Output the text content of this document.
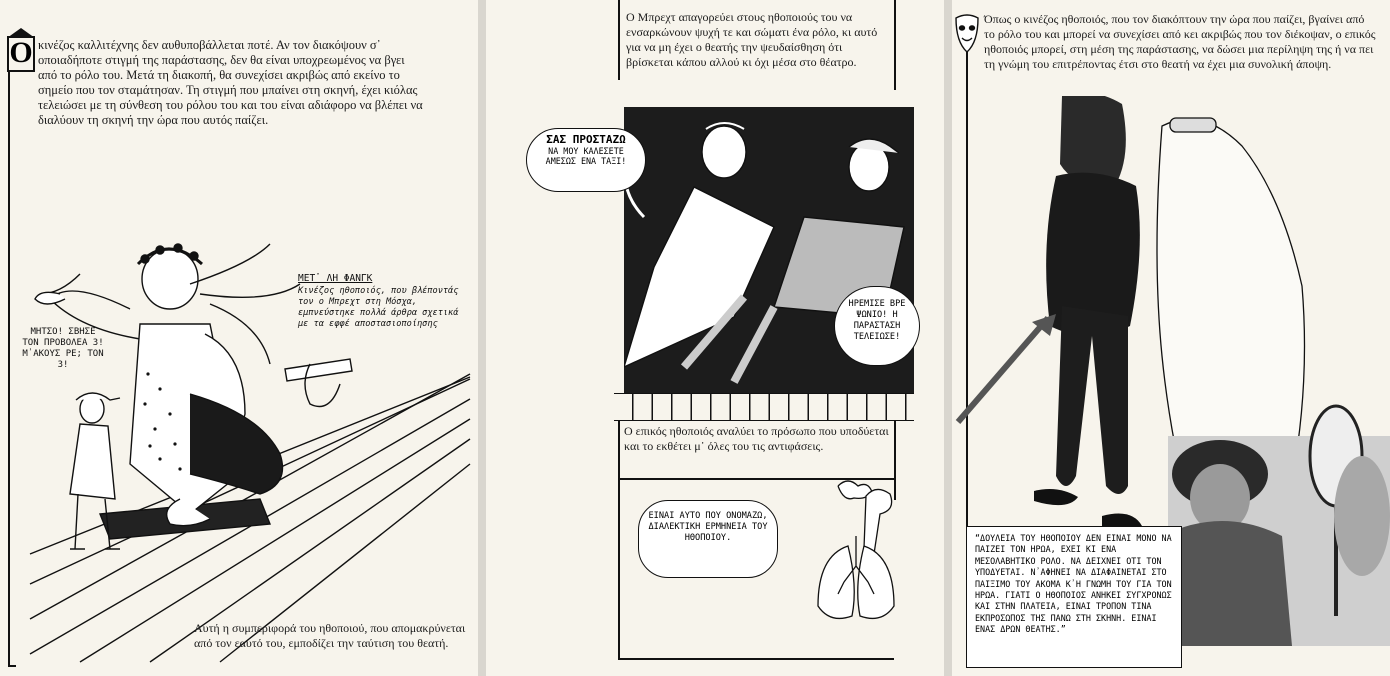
O κινέζος καλλιτέχνης δεν αυθυποβάλλεται ποτέ. Αν τον διακόψουν σ᾽ οποιαδήποτε στιγμή της παράστασης, δεν θα είναι υποχρεωμένος να βγει από το ρόλο του. Μετά τη διακοπή, θα συνεχίσει ακριβώς από εκείνο το σημείο που τον σταμάτησαν. Τη στιγμή που μπαίνει στη σκηνή, έχει κιόλας τελειώσει με τη σύνθεση του ρόλου του και του είναι αδιάφορο να βλέπει να διαλύουν τη σκηνή την ώρα που αυτός παίζει.
ΜΕΤ᾽ ΛΗ ΦΑΝΓΚ
Κινέζος ηθοποιός, που βλέποντάς τον ο Μπρεχτ στη Μόσχα, εμπνεύστηκε πολλά άρθρα σχετικά με τα εφφέ αποστασιοποίησης
ΜΗΤΣΟ! ΣΒΗΣΕ ΤΟΝ ΠΡΟΒΟΛΕΑ 3! Μ᾽ΑΚΟΥΣ ΡΕ; ΤΟΝ 3!
Αυτή η συμπεριφορά του ηθοποιού, που απομακρύνεται από τον εαυτό του, εμποδίζει την ταύτιση του θεατή.
Ο Μπρεχτ απαγορεύει στους ηθοποιούς του να ενσαρκώνουν ψυχή τε και σώματι ένα ρόλο, κι αυτό για να μη έχει ο θεατής την ψευδαίσθηση ότι βρίσκεται κάπου αλλού κι όχι μέσα στο θέατρο.
ΣΑΣ ΠΡΟΣΤΑΖΩ
ΝΑ ΜΟΥ ΚΑΛΕΣΕΤΕ ΑΜΕΣΩΣ ΕΝΑ ΤΑΞΙ!
ΗΡΕΜΙΣΕ ΒΡΕ ΨΩΝΙΟ! Η ΠΑΡΑΣΤΑΣΗ ΤΕΛΕΙΩΣΕ!
Ο επικός ηθοποιός αναλύει το πρόσωπο που υποδύεται και το εκθέτει μ᾽ όλες του τις αντιφάσεις.
ΕΙΝΑΙ ΑΥΤΟ ΠΟΥ ΟΝΟΜΑΖΩ, ΔΙΑΛΕΚΤΙΚΗ ΕΡΜΗΝΕΙΑ ΤΟΥ ΗΘΟΠΟΙΟΥ.
Όπως ο κινέζος ηθοποιός, που τον διακόπτουν την ώρα που παίζει, βγαίνει από το ρόλο του και μπορεί να συνεχίσει από κει ακριβώς που τον διέκοψαν, ο επικός ηθοποιός μπορεί, στη μέση της παράστασης, να δώσει μια περίληψη της ή να πει τη γνώμη του επιτρέποντας έτσι στο θεατή να έχει μια συνολική άποψη.
“ΔΟΥΛΕΙΑ ΤΟΥ ΗΘΟΠΟΙΟΥ ΔΕΝ ΕΙΝΑΙ ΜΟΝΟ ΝΑ ΠΑΙΖΕΙ ΤΟΝ ΗΡΩΑ, ΕΧΕΙ ΚΙ ΕΝΑ ΜΕΣΟΛΑΒΗΤΙΚΟ ΡΟΛΟ. ΝΑ ΔΕΙΧΝΕΙ ΟΤΙ ΤΟΝ ΥΠΟΔΥΕΤΑΙ. Ν᾽ΑΦΗΝΕΙ ΝΑ ΔΙΑΦΑΙΝΕΤΑΙ ΣΤΟ ΠΑΙΞΙΜΟ ΤΟΥ ΑΚΟΜΑ Κ᾽Η ΓΝΩΜΗ ΤΟΥ ΓΙΑ ΤΟΝ ΗΡΩΑ. ΓΙΑΤΙ Ο ΗΘΟΠΟΙΟΣ ΑΝΗΚΕΙ ΣΥΓΧΡΟΝΩΣ ΚΑΙ ΣΤΗΝ ΠΛΑΤΕΙΑ, ΕΙΝΑΙ ΤΡΟΠΟΝ ΤΙΝΑ ΕΚΠΡΟΣΩΠΟΣ ΤΗΣ ΠΑΝΩ ΣΤΗ ΣΚΗΝΗ. ΕΙΝΑΙ ΕΝΑΣ ΔΡΩΝ ΘΕΑΤΗΣ.”
